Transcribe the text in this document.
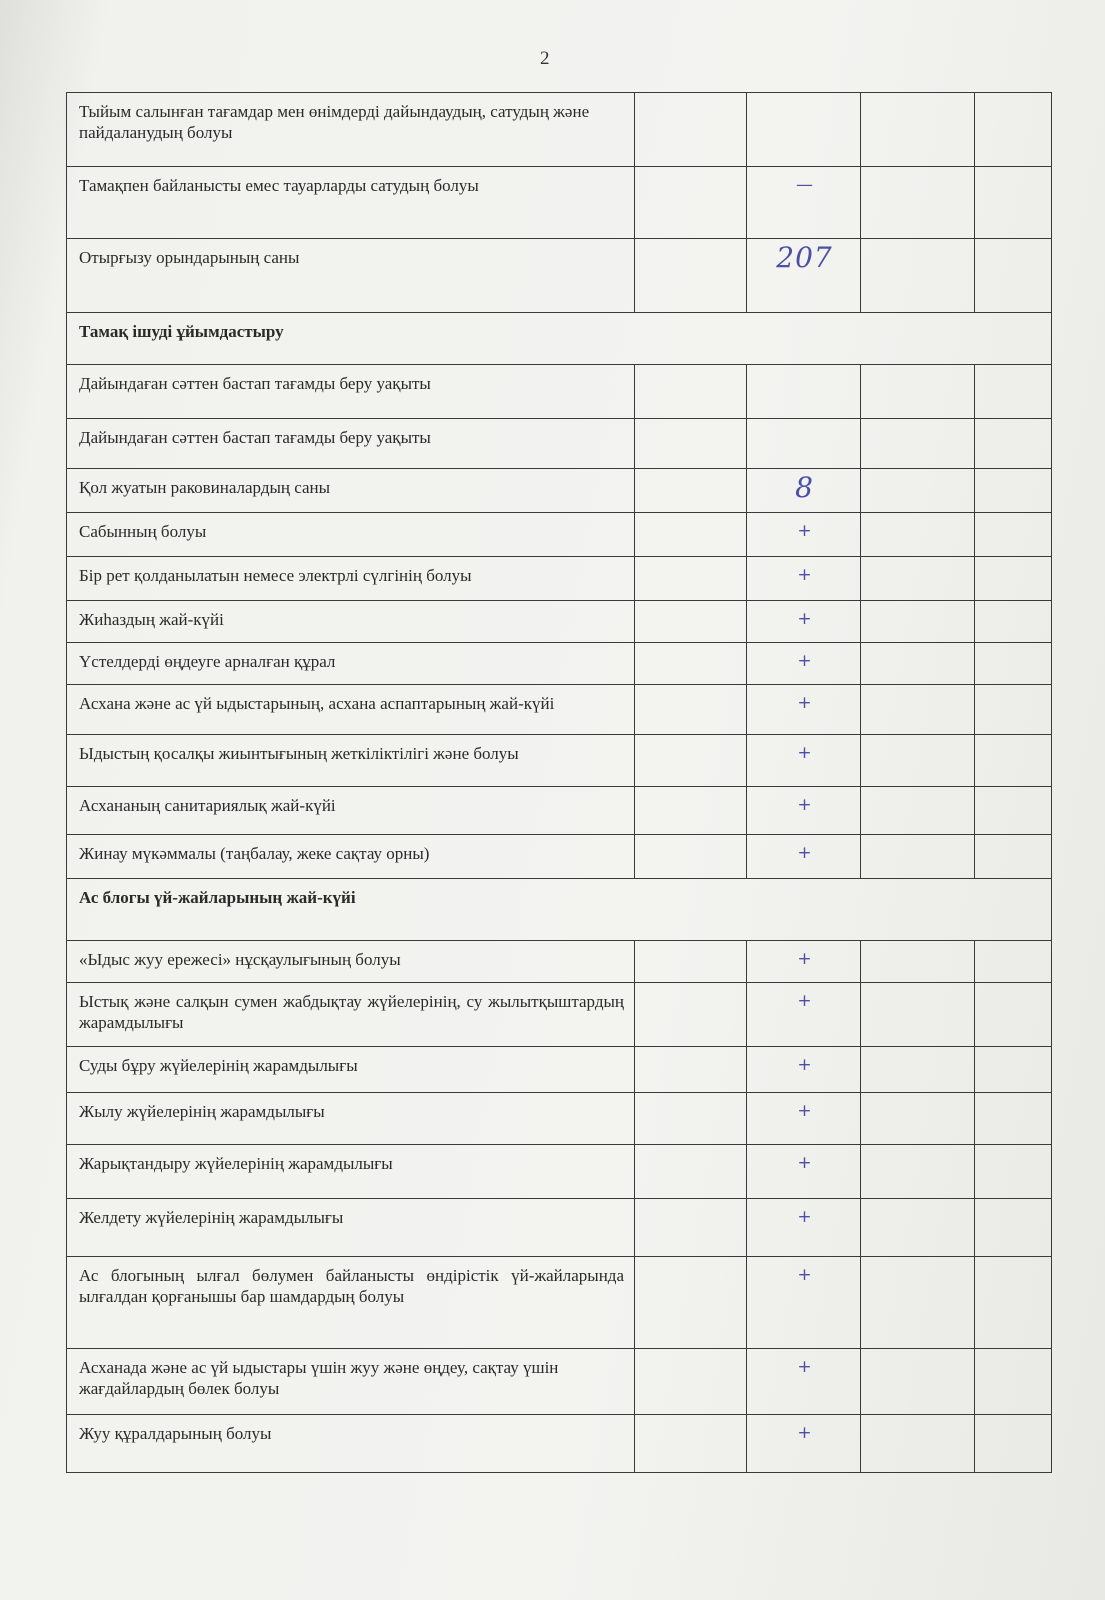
2
Тыйым салынған тағамдар мен өнімдерді дайындаудың, сатудың және пайдаланудың болуы				
Тамақпен байланысты емес тауарларды сатудың болуы		—		
Отырғызу орындарының саны		207		
Тамақ ішуді ұйымдастыру				
Дайындаған сәттен бастап тағамды беру уақыты				
Дайындаған сәттен бастап тағамды беру уақыты				
Қол жуатын раковиналардың саны		8		
Сабынның болуы		+		
Бір рет қолданылатын немесе электрлі сүлгінің болуы		+		
Жиһаздың жай-күйі		+		
Үстелдерді өңдеуге арналған құрал		+		
Асхана және ас үй ыдыстарының, асхана аспаптарының жай-күйі		+		
Ыдыстың қосалқы жиынтығының жеткіліктілігі және болуы		+		
Асхананың санитариялық жай-күйі		+		
Жинау мүкәммалы (таңбалау, жеке сақтау орны)		+		
Ас блогы үй-жайларының жай-күйі				
«Ыдыс жуу ережесі» нұсқаулығының болуы		+		
Ыстық және салқын сумен жабдықтау жүйелерінің, су жылытқыштардың жарамдылығы		+		
Суды бұру жүйелерінің жарамдылығы		+		
Жылу жүйелерінің жарамдылығы		+		
Жарықтандыру жүйелерінің жарамдылығы		+		
Желдету жүйелерінің жарамдылығы		+		
Ас блогының ылғал бөлумен байланысты өндірістік үй-жайларында ылғалдан қорғанышы бар шамдардың болуы		+		
Асханада және ас үй ыдыстары үшін жуу және өңдеу, сақтау үшін жағдайлардың бөлек болуы		+		
Жуу құралдарының болуы		+		
